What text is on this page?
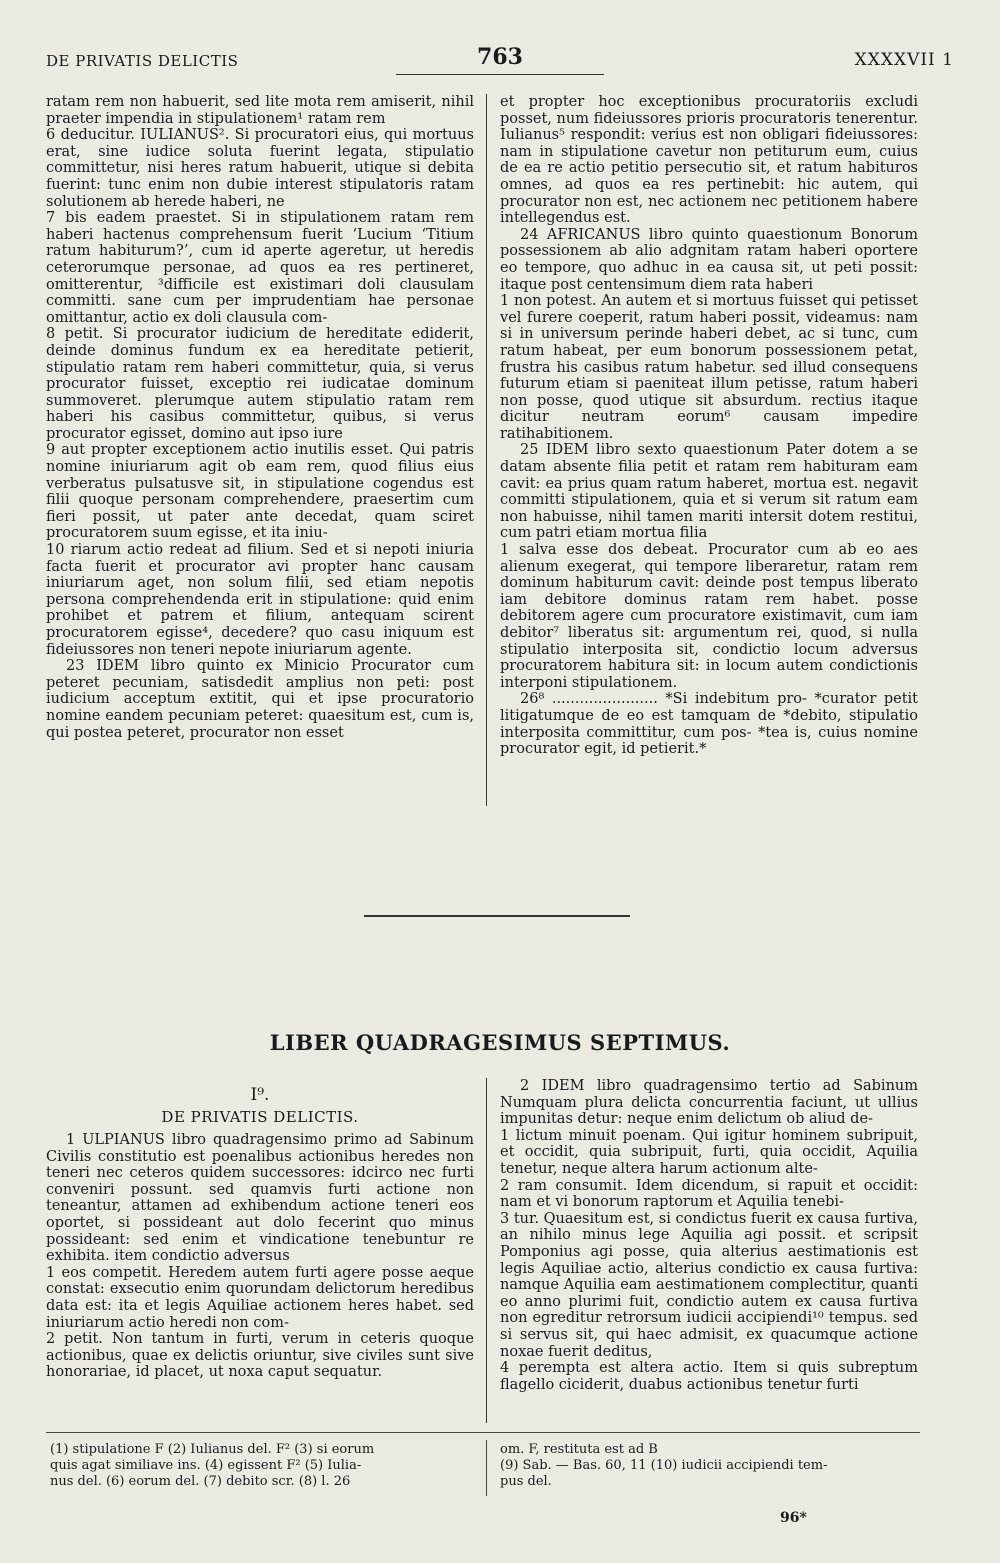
DE PRIVATIS DELICTIS	763	XXXXVII 1

ratam rem non habuerit, sed lite mota rem amiserit, nihil praeter impendia in stipulationem¹ ratam rem

6 deducitur. IULIANUS². Si procuratori eius, qui mortuus erat, sine iudice soluta fuerint legata, stipulatio committetur, nisi heres ratum habuerit, utique si debita fuerint: tunc enim non dubie interest stipulatoris ratam solutionem ab herede haberi, ne

7 bis eadem praestet. Si in stipulationem ratam rem haberi hactenus comprehensum fuerit ‘Lucium ‘Titium ratum habiturum?’, cum id aperte ageretur, ut heredis ceterorumque personae, ad quos ea res pertineret, omitterentur, ³difficile est existimari doli clausulam committi. sane cum per imprudentiam hae personae omittantur, actio ex doli clausula com-

8 petit. Si procurator iudicium de hereditate ediderit, deinde dominus fundum ex ea hereditate petierit, stipulatio ratam rem haberi committetur, quia, si verus procurator fuisset, exceptio rei iudicatae dominum summoveret. plerumque autem stipulatio ratam rem haberi his casibus committetur, quibus, si verus procurator egisset, domino aut ipso iure

9 aut propter exceptionem actio inutilis esset. Qui patris nomine iniuriarum agit ob eam rem, quod filius eius verberatus pulsatusve sit, in stipulatione cogendus est filii quoque personam comprehendere, praesertim cum fieri possit, ut pater ante decedat, quam sciret procuratorem suum egisse, et ita iniu-

10 riarum actio redeat ad filium. Sed et si nepoti iniuria facta fuerit et procurator avi propter hanc causam iniuriarum aget, non solum filii, sed etiam nepotis persona comprehendenda erit in stipulatione: quid enim prohibet et patrem et filium, antequam scirent procuratorem egisse⁴, decedere? quo casu iniquum est fideiussores non teneri nepote iniuriarum agente.

23 IDEM libro quinto ex Minicio Procurator cum peteret pecuniam, satisdedit amplius non peti: post iudicium acceptum extitit, qui et ipse procuratorio nomine eandem pecuniam peteret: quaesitum est, cum is, qui postea peteret, procurator non esset

et propter hoc exceptionibus procuratoriis excludi posset, num fideiussores prioris procuratoris tenerentur. Iulianus⁵ respondit: verius est non obligari fideiussores: nam in stipulatione cavetur non petiturum eum, cuius de ea re actio petitio persecutio sit, et ratum habituros omnes, ad quos ea res pertinebit: hic autem, qui procurator non est, nec actionem nec petitionem habere intellegendus est.

24 AFRICANUS libro quinto quaestionum Bonorum possessionem ab alio adgnitam ratam haberi oportere eo tempore, quo adhuc in ea causa sit, ut peti possit: itaque post centensimum diem rata haberi

1 non potest. An autem et si mortuus fuisset qui petisset vel furere coeperit, ratum haberi possit, videamus: nam si in universum perinde haberi debet, ac si tunc, cum ratum habeat, per eum bonorum possessionem petat, frustra his casibus ratum habetur. sed illud consequens futurum etiam si paeniteat illum petisse, ratum haberi non posse, quod utique sit absurdum. rectius itaque dicitur neutram eorum⁶ causam impedire ratihabitionem.

25 IDEM libro sexto quaestionum Pater dotem a se datam absente filia petit et ratam rem habituram eam cavit: ea prius quam ratum haberet, mortua est. negavit committi stipulationem, quia et si verum sit ratum eam non habuisse, nihil tamen mariti intersit dotem restitui, cum patri etiam mortua filia

1 salva esse dos debeat. Procurator cum ab eo aes alienum exegerat, qui tempore liberaretur, ratam rem dominum habiturum cavit: deinde post tempus liberato iam debitore dominus ratam rem habet. posse debitorem agere cum procuratore existimavit, cum iam debitor⁷ liberatus sit: argumentum rei, quod, si nulla stipulatio interposita sit, condictio locum adversus procuratorem habitura sit: in locum autem condictionis interponi stipulationem.

26⁸ ....................... *Si indebitum pro- *curator petit litigatumque de eo est tamquam de *debito, stipulatio interposita committitur, cum pos- *tea is, cuius nomine procurator egit, id petierit.*

LIBER QUADRAGESIMUS SEPTIMUS.
I⁹.
DE PRIVATIS DELICTIS.

1 ULPIANUS libro quadragensimo primo ad Sabinum Civilis constitutio est poenalibus actionibus heredes non teneri nec ceteros quidem successores: idcirco nec furti conveniri possunt. sed quamvis furti actione non teneantur, attamen ad exhibendum actione teneri eos oportet, si possideant aut dolo fecerint quo minus possideant: sed enim et vindicatione tenebuntur re exhibita. item condictio adversus

1 eos competit. Heredem autem furti agere posse aeque constat: exsecutio enim quorundam delictorum heredibus data est: ita et legis Aquiliae actionem heres habet. sed iniuriarum actio heredi non com-

2 petit. Non tantum in furti, verum in ceteris quoque actionibus, quae ex delictis oriuntur, sive civiles sunt sive honorariae, id placet, ut noxa caput sequatur.

2 IDEM libro quadragensimo tertio ad Sabinum Numquam plura delicta concurrentia faciunt, ut ullius impunitas detur: neque enim delictum ob aliud de-

1 lictum minuit poenam. Qui igitur hominem subripuit, et occidit, quia subripuit, furti, quia occidit, Aquilia tenetur, neque altera harum actionum alte-

2 ram consumit. Idem dicendum, si rapuit et occidit: nam et vi bonorum raptorum et Aquilia tenebi-

3 tur. Quaesitum est, si condictus fuerit ex causa furtiva, an nihilo minus lege Aquilia agi possit. et scripsit Pomponius agi posse, quia alterius aestimationis est legis Aquiliae actio, alterius condictio ex causa furtiva: namque Aquilia eam aestimationem complectitur, quanti eo anno plurimi fuit, condictio autem ex causa furtiva non egreditur retrorsum iudicii accipiendi¹⁰ tempus. sed si servus sit, qui haec admisit, ex quacumque actione noxae fuerit deditus,

4 perempta est altera actio. Item si quis subreptum flagello ciciderit, duabus actionibus tenetur furti

(1) stipulatione F (2) Iulianus del. F² (3) si eorum

quis agat similiave ins. (4) egissent F² (5) Iulia-

nus del. (6) eorum del. (7) debito scr. (8) l. 26

om. F, restituta est ad B

(9) Sab. — Bas. 60, 11 (10) iudicii accipiendi tem-

pus del.

96*
